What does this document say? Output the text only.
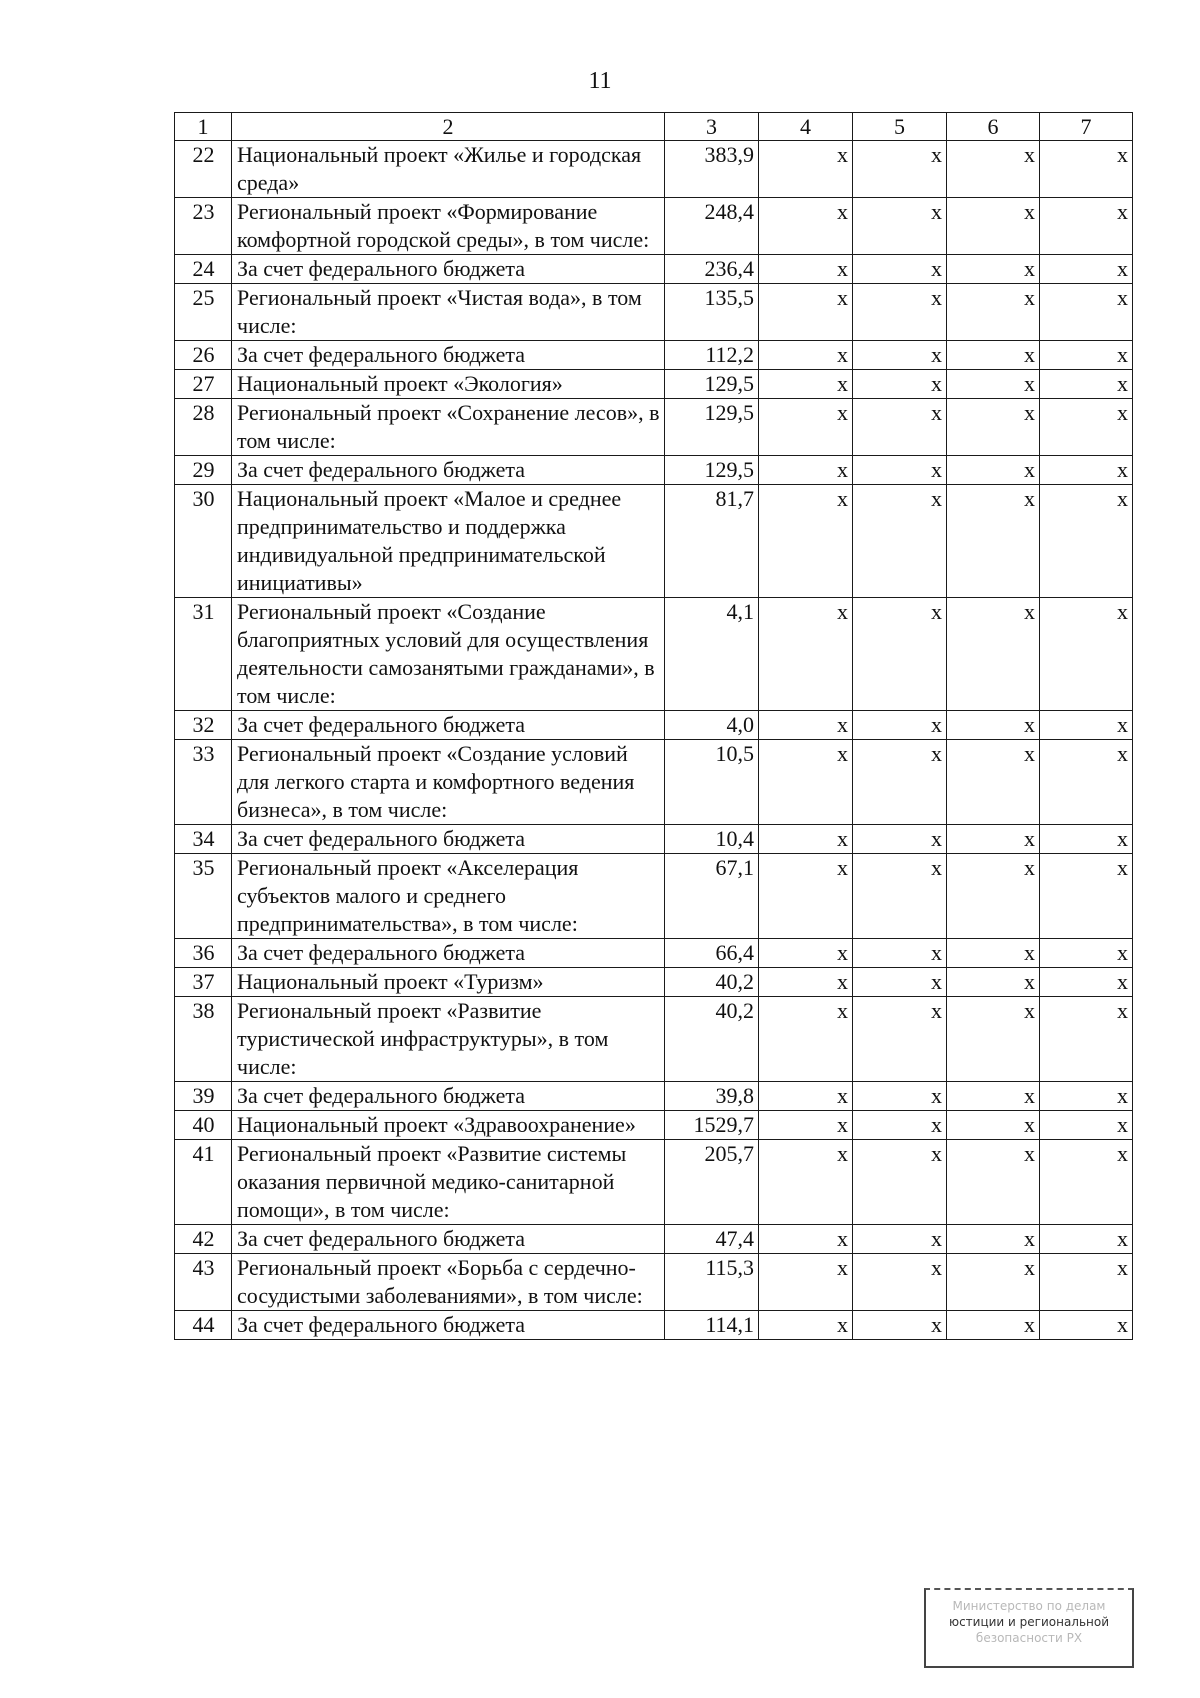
11
1	2	3	4	5	6	7
22	Национальный проект «Жилье и городская среда»	383,9	x	x	x	x
23	Региональный проект «Формирование комфортной городской среды», в том числе:	248,4	x	x	x	x
24	За счет федерального бюджета	236,4	x	x	x	x
25	Региональный проект «Чистая вода», в том числе:	135,5	x	x	x	x
26	За счет федерального бюджета	112,2	x	x	x	x
27	Национальный проект «Экология»	129,5	x	x	x	x
28	Региональный проект «Сохранение лесов», в том числе:	129,5	x	x	x	x
29	За счет федерального бюджета	129,5	x	x	x	x
30	Национальный проект «Малое и среднее предпринимательство и поддержка индивидуальной предпринимательской инициативы»	81,7	x	x	x	x
31	Региональный проект «Создание благоприятных условий для осуществления деятельности самозанятыми гражданами», в том числе:	4,1	x	x	x	x
32	За счет федерального бюджета	4,0	x	x	x	x
33	Региональный проект «Создание условий для легкого старта и комфортного ведения бизнеса», в том числе:	10,5	x	x	x	x
34	За счет федерального бюджета	10,4	x	x	x	x
35	Региональный проект «Акселерация субъектов малого и среднего предпринимательства», в том числе:	67,1	x	x	x	x
36	За счет федерального бюджета	66,4	x	x	x	x
37	Национальный проект «Туризм»	40,2	x	x	x	x
38	Региональный проект «Развитие туристической инфраструктуры», в том числе:	40,2	x	x	x	x
39	За счет федерального бюджета	39,8	x	x	x	x
40	Национальный проект «Здравоохранение»	1529,7	x	x	x	x
41	Региональный проект «Развитие системы оказания первичной медико-санитарной помощи», в том числе:	205,7	x	x	x	x
42	За счет федерального бюджета	47,4	x	x	x	x
43	Региональный проект «Борьба с сердечно-сосудистыми заболеваниями», в том числе:	115,3	x	x	x	x
44	За счет федерального бюджета	114,1	x	x	x	x
Министерство по делам
юстиции и региональной
безопасности РХ
